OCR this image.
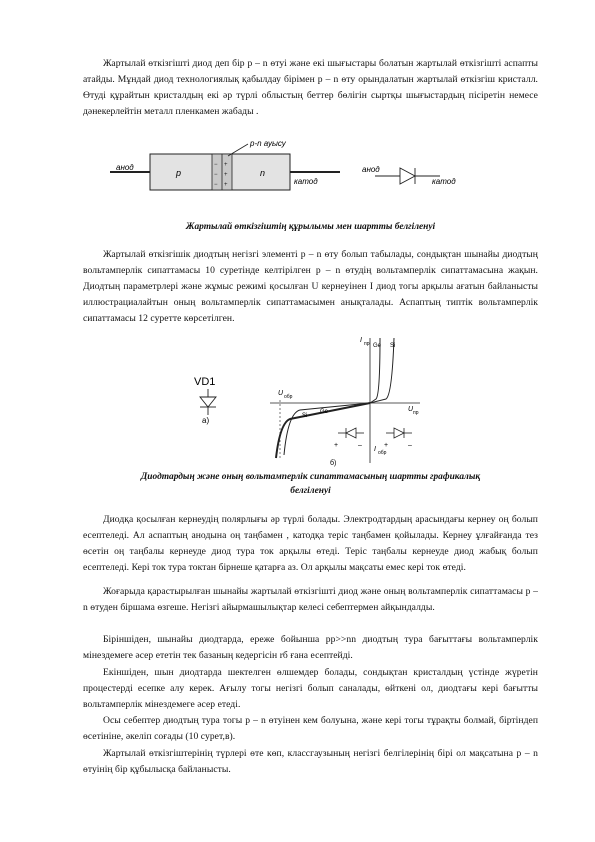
Жартылай өткізгішті диод деп бір p – n өтуі және екі шығыстары болатын жартылай өткізгішті аспапты атайды. Мұндай диод технологиялық қабылдау бірімен p – n өту орындалатын жартылай өткізгіш кристалл. Өтуді құрайтын кристалдың екі әр түрлі облыстың беттер бөлігін сыртқы шығыстардың пісіретін немесе дәнекерлейтін металл пленкамен жабады .

−
−
−
+
+
+
p-n ауысу
анод
p	n
катод
анод
катод

Жартылай өткізгіштің құрылымы мен шартты белгіленуі

Жартылай өткізгішік диодтың негізгі элементі p – n өту болып табылады, сондықтан шынайы диодтың вольтамперлік сипаттамасы 10 суретінде келтірілген p – n өтудің вольтамперлік сипаттамасына жақын. Диодтың параметрлері және жұмыс режимі қосылған U кернеуінен I диод тогы арқылы ағатын байланысты иллюстрациалайтын оның вольтамперлік сипаттамасымен анықталады. Аспаптың типтік вольтамперлік сипаттамасы 12 суретте көрсетілген.

VD1
а)
I пр Ge Si
U обр
U пр
Si
Ge
I обр
+	–	+	–
б)

Диодтардың және оның вольтамперлік сипаттамасының шартты графикалық

белгіленуі

Диодқа қосылған кернеудің полярлығы әр түрлі болады. Электродтардың арасындағы кернеу оң болып есептеледі. Ал аспаптың анодына оң таңбамен , катодқа теріс таңбамен қойылады. Кернеу ұлғайғанда тез өсетін оң таңбалы кернеуде диод тура ток арқылы өтеді. Теріс таңбалы кернеуде диод жабық болып есептеледі. Кері ток тура токтан бірнеше қатарға аз. Ол арқылы мақсаты емес кері ток өтеді.

Жоғарыда қарастырылған шынайы жартылай өткізгішті диод және оның вольтамперлік сипаттамасы p – n өтуден біршама өзгеше. Негізгі айырмашылықтар келесі себептермен айқындалды.

Біріншіден, шынайы диодтарда, ереже бойынша pp>>nn диодтың тура бағыттағы вольтамперлік мінездемеге әсер ететін тек базаның кедергісін rб ғана есептейді.

Екіншіден, шын диодтарда шектелген өлшемдер болады, сондықтан кристалдың үстінде жүретін процестерді есепке алу керек. Ағылу тогы негізгі болып саналады, өйткені ол, диодтағы кері бағытты вольтамперлік мінездемеге әсер етеді.

Осы себептер диодтың тура тогы p – n өтуінен кем болуына, және кері тогы тұрақты болмай, біртіндеп өсетініне, әкеліп соғады (10 сурет,в).

Жартылай өткізгіштерінің түрлері өте көп, классгаузының негізгі белгілерінің бірі ол мақсатына p – n өтуінің бір құбылысқа байланысты.
